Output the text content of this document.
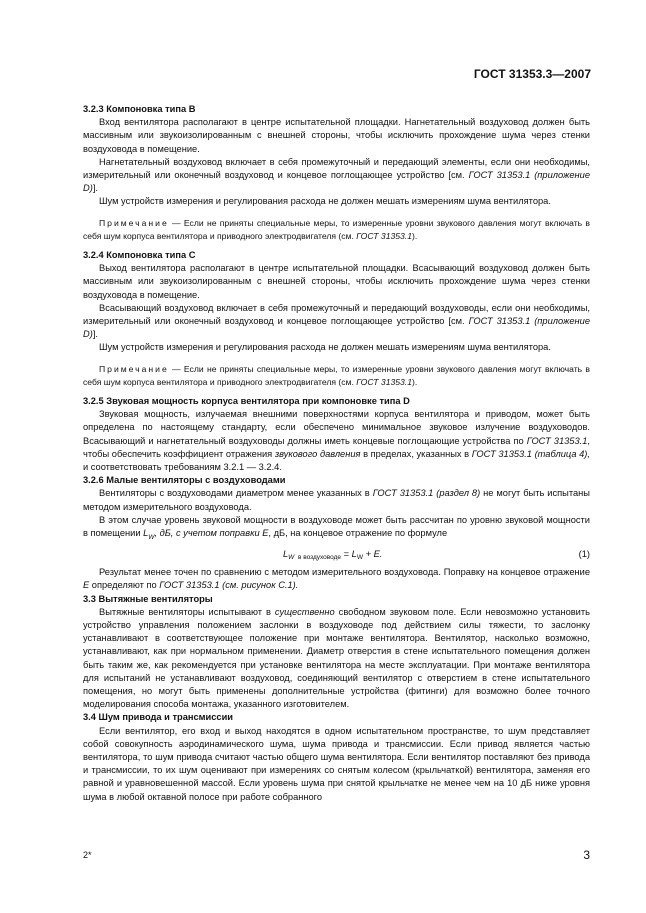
ГОСТ 31353.3—2007

3.2.3 Компоновка типа В

Вход вентилятора располагают в центре испытательной площадки. Нагнетательный воздуховод должен быть массивным или звукоизолированным с внешней стороны, чтобы исключить прохождение шума через стенки воздуховода в помещение.

Нагнетательный воздуховод включает в себя промежуточный и передающий элементы, если они необходимы, измерительный или оконечный воздуховод и концевое поглощающее устройство [см. ГОСТ 31353.1 (приложение D)].

Шум устройств измерения и регулирования расхода не должен мешать измерениям шума вентилятора.

Примечание — Если не приняты специальные меры, то измеренные уровни звукового давления могут включать в себя шум корпуса вентилятора и приводного электродвигателя (см. ГОСТ 31353.1).

3.2.4 Компоновка типа С

Выход вентилятора располагают в центре испытательной площадки. Всасывающий воздуховод должен быть массивным или звукоизолированным с внешней стороны, чтобы исключить прохождение шума через стенки воздуховода в помещение.

Всасывающий воздуховод включает в себя промежуточный и передающий воздуховоды, если они необходимы, измерительный или оконечный воздуховод и концевое поглощающее устройство [см. ГОСТ 31353.1 (приложение D)].

Шум устройств измерения и регулирования расхода не должен мешать измерениям шума вентилятора.

Примечание — Если не приняты специальные меры, то измеренные уровни звукового давления могут включать в себя шум корпуса вентилятора и приводного электродвигателя (см. ГОСТ 31353.1).

3.2.5 Звуковая мощность корпуса вентилятора при компоновке типа D

Звуковая мощность, излучаемая внешними поверхностями корпуса вентилятора и приводом, может быть определена по настоящему стандарту, если обеспечено минимальное звуковое излучение воздуховодов. Всасывающий и нагнетательный воздуховоды должны иметь концевые поглощающие устройства по ГОСТ 31353.1, чтобы обеспечить коэффициент отражения звукового давления в пределах, указанных в ГОСТ 31353.1 (таблица 4), и соответствовать требованиям 3.2.1 — 3.2.4.

3.2.6 Малые вентиляторы с воздуховодами

Вентиляторы с воздуховодами диаметром менее указанных в ГОСТ 31353.1 (раздел 8) не могут быть испытаны методом измерительного воздуховода.

В этом случае уровень звуковой мощности в воздуховоде может быть рассчитан по уровню звуковой мощности в помещении $L_W$, дБ, с учетом поправки E, дБ, на концевое отражение по формуле

$L_{W в воздуховоде} = L_W + E$.	(1)

Результат менее точен по сравнению с методом измерительного воздуховода. Поправку на концевое отражение E определяют по ГОСТ 31353.1 (см. рисунок С.1).

3.3 Вытяжные вентиляторы

Вытяжные вентиляторы испытывают в существенно свободном звуковом поле. Если невозможно установить устройство управления положением заслонки в воздуховоде под действием силы тяжести, то заслонку устанавливают в соответствующее положение при монтаже вентилятора. Вентилятор, насколько возможно, устанавливают, как при нормальном применении. Диаметр отверстия в стене испытательного помещения должен быть таким же, как рекомендуется при установке вентилятора на месте эксплуатации. При монтаже вентилятора для испытаний не устанавливают воздуховод, соединяющий вентилятор с отверстием в стене испытательного помещения, но могут быть применены дополнительные устройства (фитинги) для возможно более точного моделирования способа монтажа, указанного изготовителем.

3.4 Шум привода и трансмиссии

Если вентилятор, его вход и выход находятся в одном испытательном пространстве, то шум представляет собой совокупность аэродинамического шума, шума привода и трансмиссии. Если привод является частью вентилятора, то шум привода считают частью общего шума вентилятора. Если вентилятор поставляют без привода и трансмиссии, то их шум оценивают при измерениях со снятым колесом (крыльчаткой) вентилятора, заменяя его равной и уравновешенной массой. Если уровень шума при снятой крыльчатке не менее чем на 10 дБ ниже уровня шума в любой октавной полосе при работе собранного

2*	3
